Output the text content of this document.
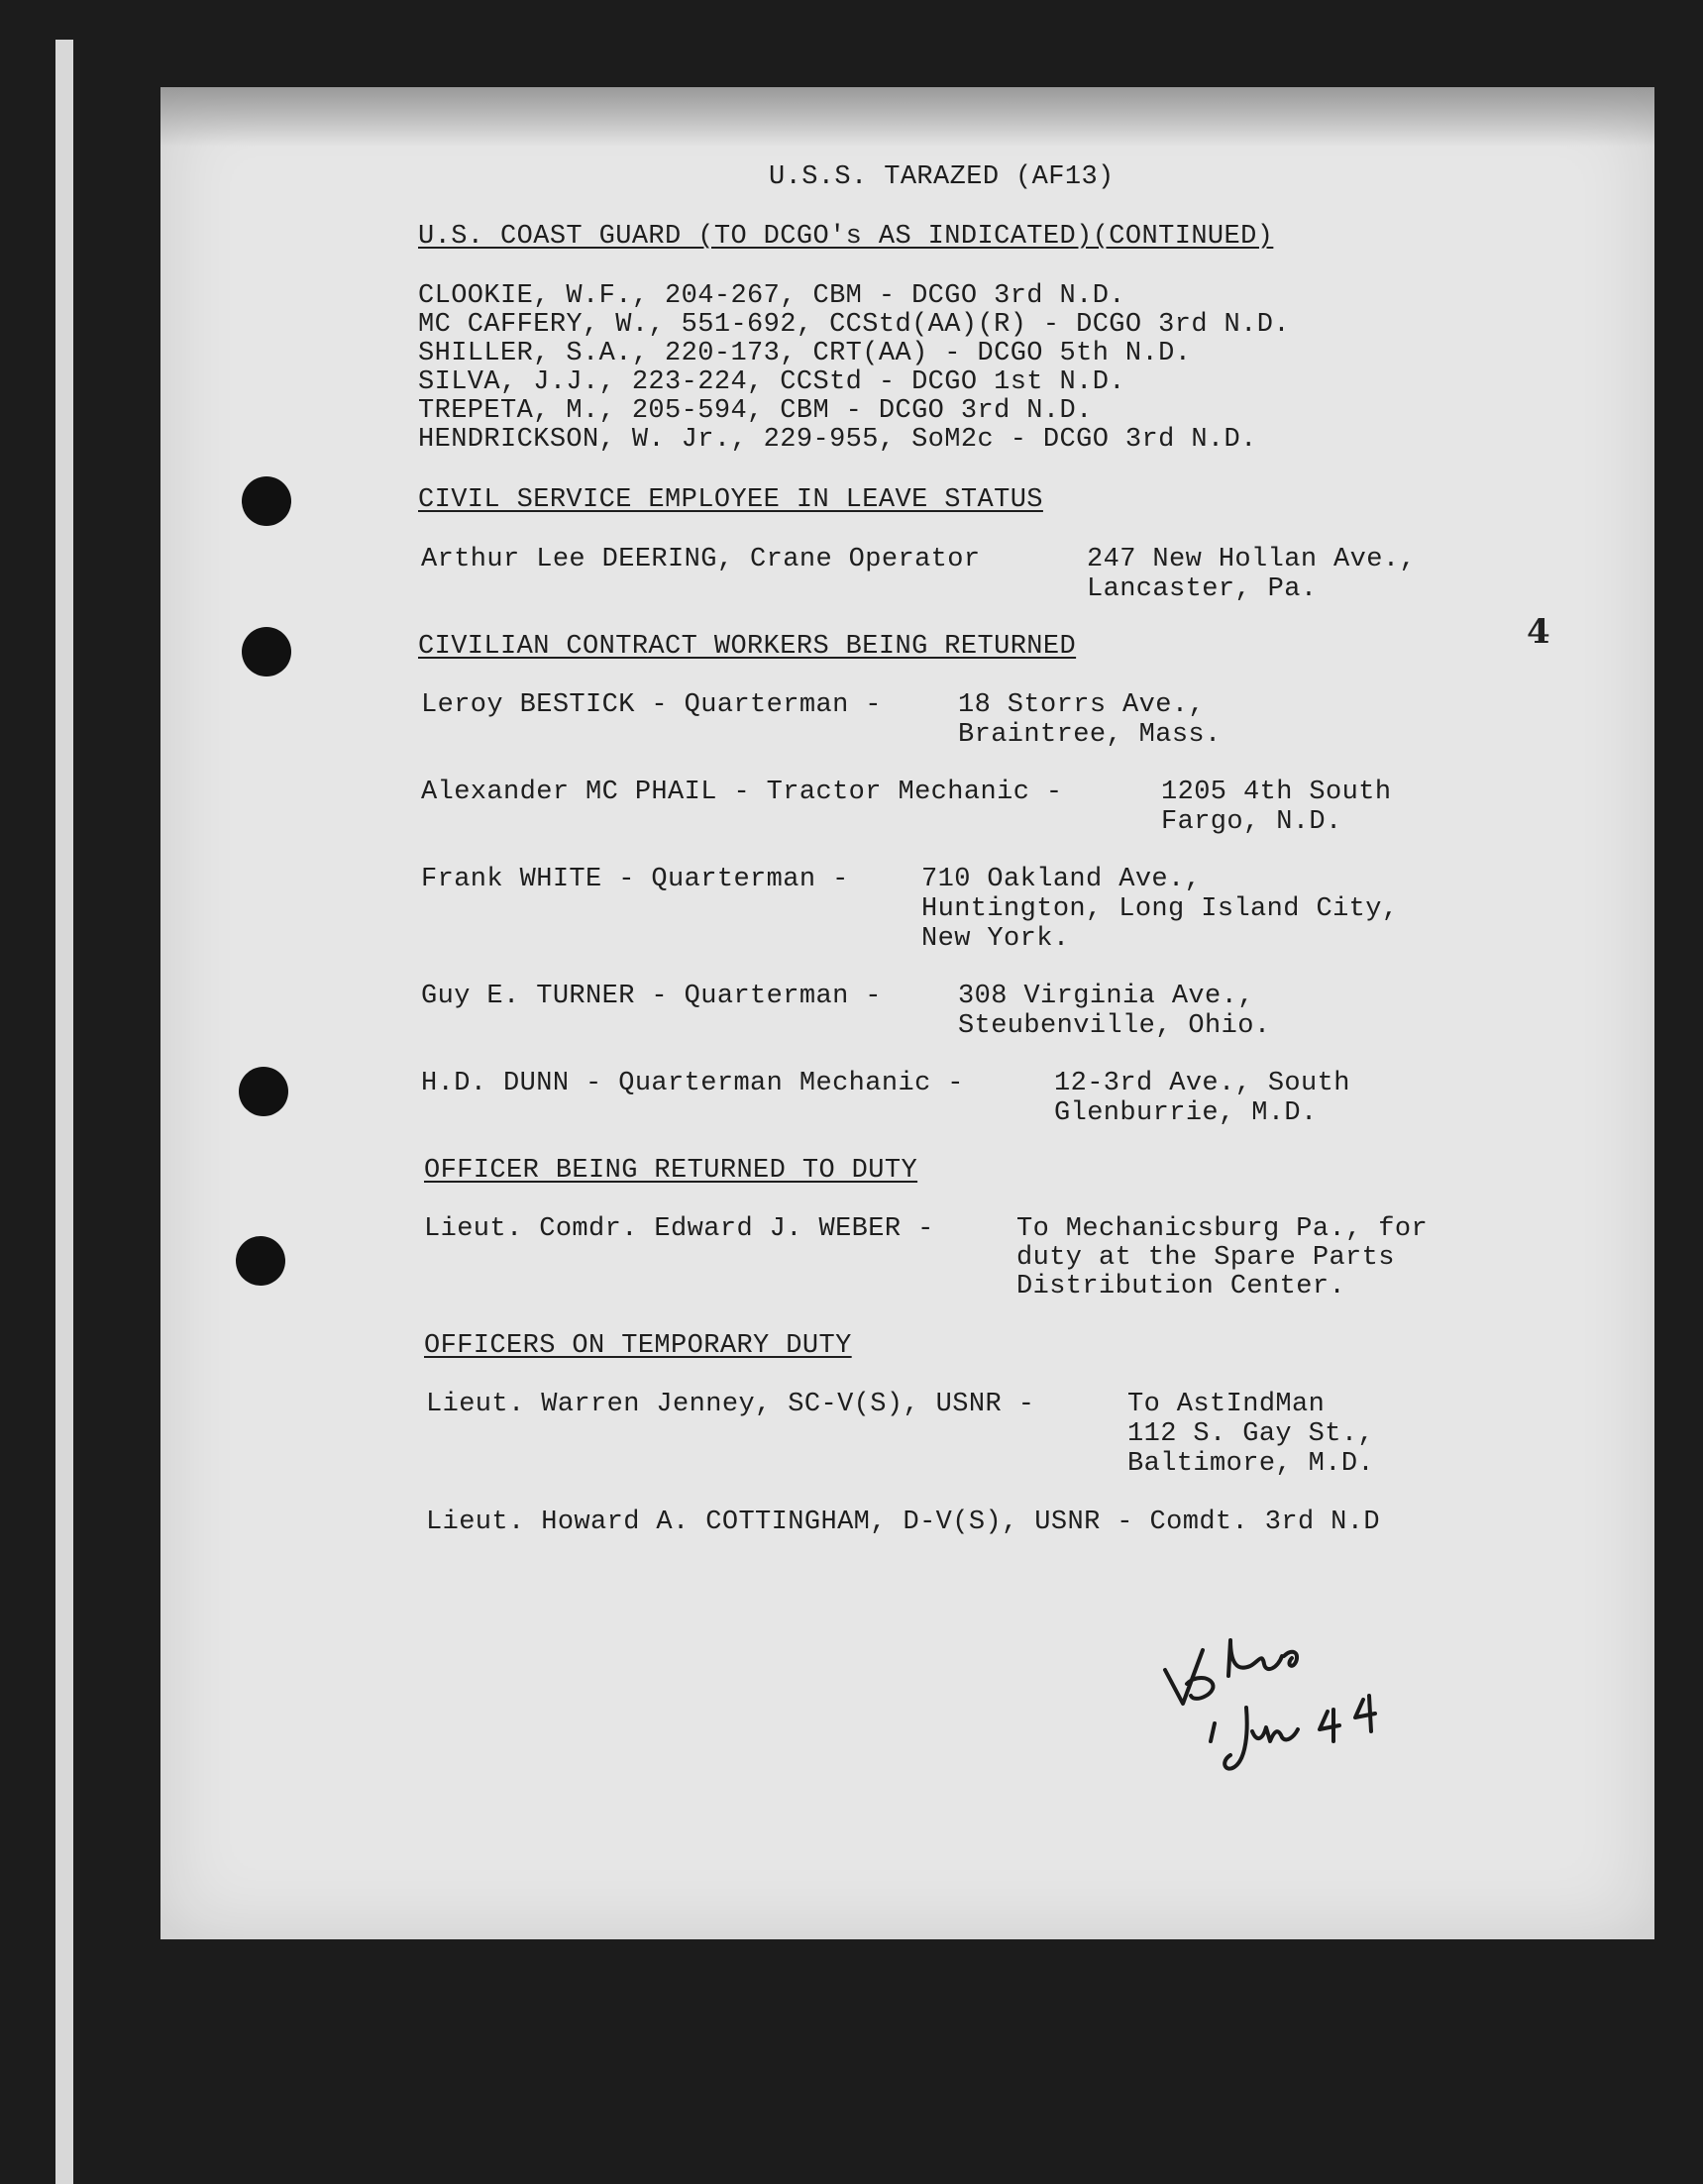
U.S.S. TARAZED (AF13)
U.S. COAST GUARD (TO DCGO's AS INDICATED)(CONTINUED)
CLOOKIE, W.F., 204-267, CBM - DCGO 3rd N.D.
MC CAFFERY, W., 551-692, CCStd(AA)(R) - DCGO 3rd N.D.
SHILLER, S.A., 220-173, CRT(AA) - DCGO 5th N.D.
SILVA, J.J., 223-224, CCStd - DCGO 1st N.D.
TREPETA, M., 205-594, CBM - DCGO 3rd N.D.
HENDRICKSON, W. Jr., 229-955, SoM2c - DCGO 3rd N.D.
CIVIL SERVICE EMPLOYEE IN LEAVE STATUS
Arthur Lee DEERING, Crane Operator	247 New Hollan Ave.,
Lancaster, Pa.
4
CIVILIAN CONTRACT WORKERS BEING RETURNED
Leroy BESTICK - Quarterman -	18 Storrs Ave.,
Braintree, Mass.
Alexander MC PHAIL - Tractor Mechanic -	1205 4th South
Fargo, N.D.
Frank WHITE - Quarterman -	710 Oakland Ave.,
Huntington, Long Island City,
New York.
Guy E. TURNER - Quarterman -	308 Virginia Ave.,
Steubenville, Ohio.
H.D. DUNN - Quarterman Mechanic -	12-3rd Ave., South
Glenburrie, M.D.
OFFICER BEING RETURNED TO DUTY
Lieut. Comdr. Edward J. WEBER -	To Mechanicsburg Pa., for
duty at the Spare Parts
Distribution Center.
OFFICERS ON TEMPORARY DUTY
Lieut. Warren Jenney, SC-V(S), USNR -	To AstIndMan
112 S. Gay St.,
Baltimore, M.D.
Lieut. Howard A. COTTINGHAM, D-V(S), USNR - Comdt. 3rd N.D
